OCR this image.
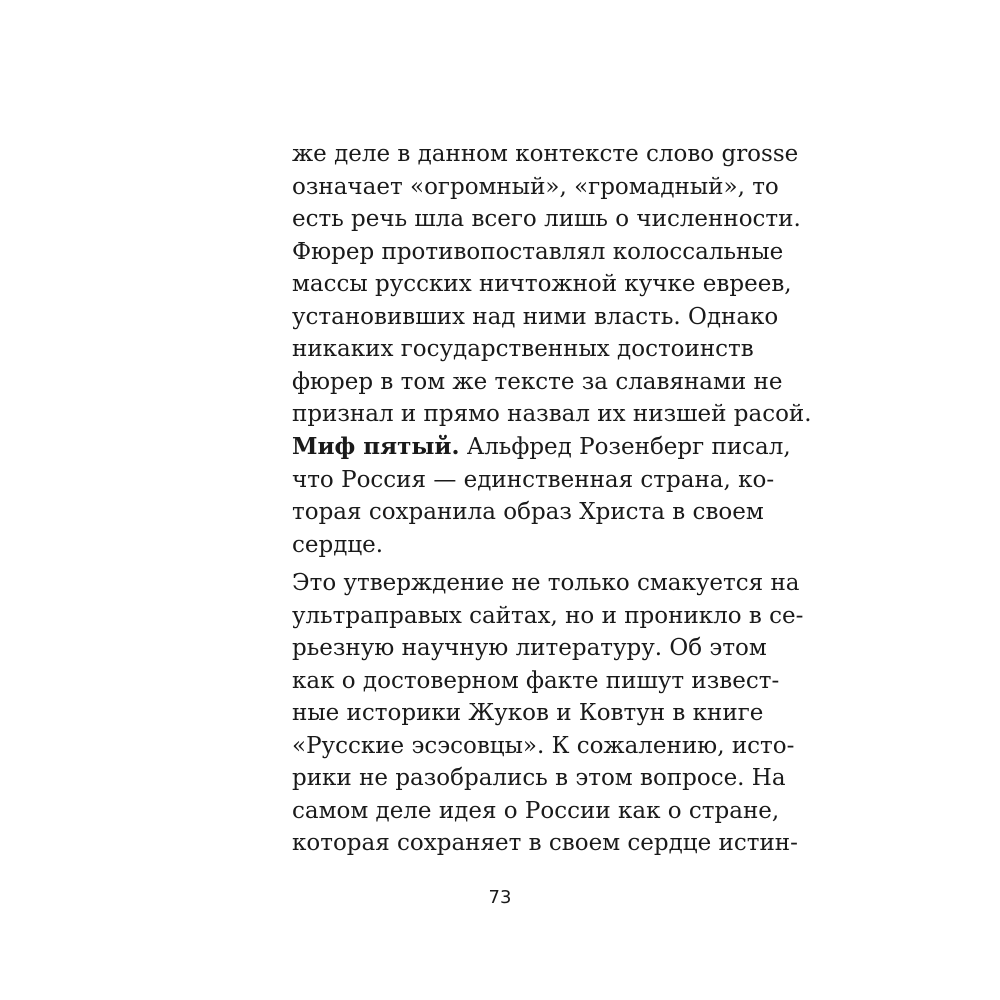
же деле в данном контексте слово grosse
означает «огромный», «громадный», то
есть речь шла всего лишь о численности.
Фюрер противопоставлял колоссальные
массы русских ничтожной кучке евреев,
установивших над ними власть. Однако
никаких государственных достоинств
фюрер в том же тексте за славянами не
признал и прямо назвал их низшей расой.
Миф пятый. Альфред Розенберг писал,
что Россия — единственная страна, ко-
торая сохранила образ Христа в своем
сердце.
Это утверждение не только смакуется на
ультраправых сайтах, но и проникло в се-
рьезную научную литературу. Об этом
как о достоверном факте пишут извест-
ные историки Жуков и Ковтун в книге
«Русские эсэсовцы». К сожалению, исто-
рики не разобрались в этом вопросе. На
самом деле идея о России как о стране,
которая сохраняет в своем сердце истин-
73
